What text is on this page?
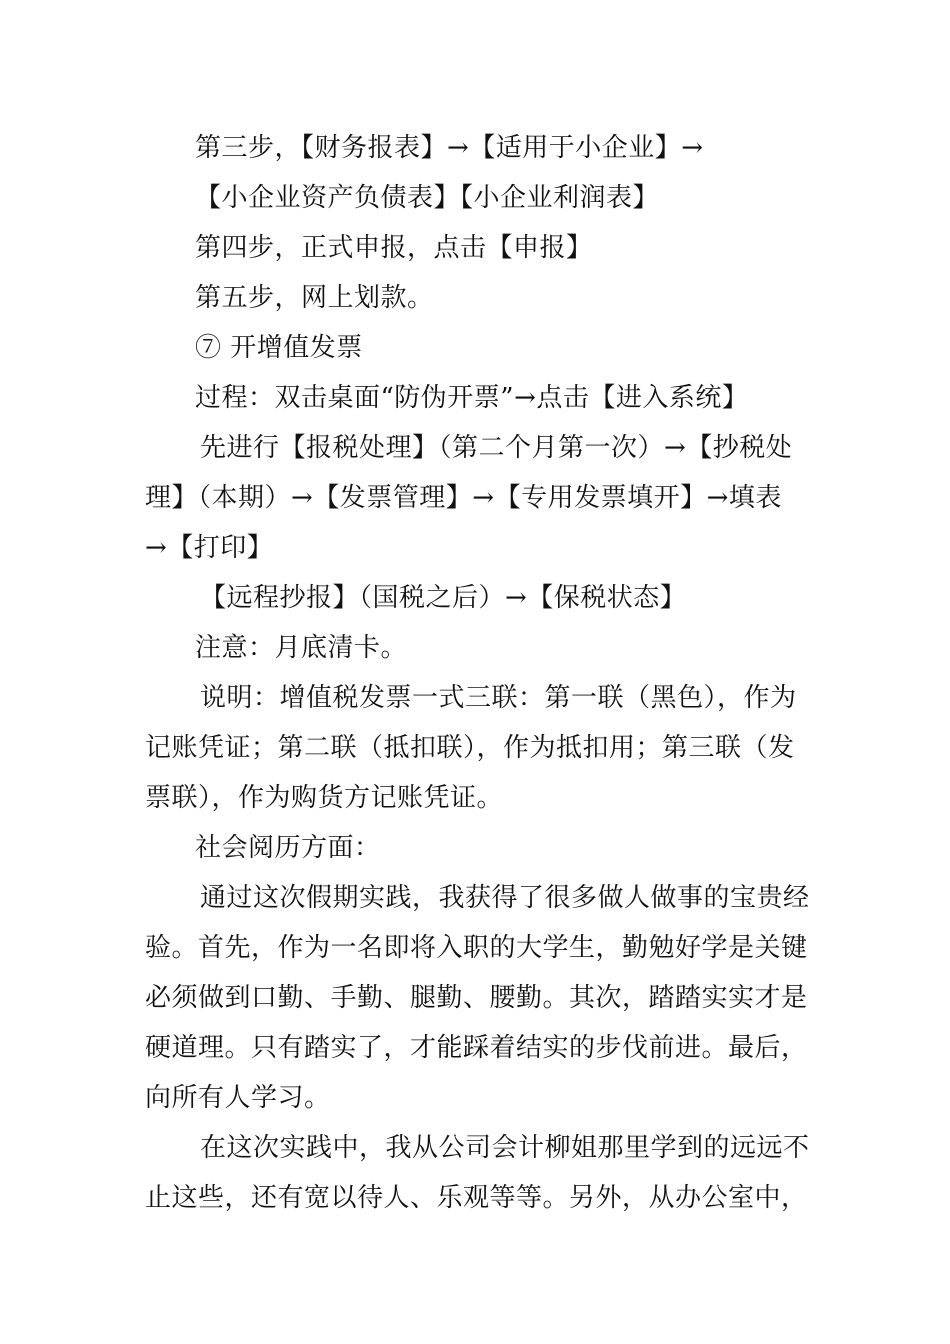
第三步，【财务报表】→【适用于小企业】→
【小企业资产负债表】【小企业利润表】
第四步，正式申报，点击【申报】
第五步，网上划款。
⑦ 开增值发票
过程：双击桌面“防伪开票”→点击【进入系统】
先进行【报税处理】（第二个月第一次）→【抄税处
理】（本期）→【发票管理】→【专用发票填开】→填表
→【打印】
【远程抄报】（国税之后）→【保税状态】
注意：月底清卡。
说明：增值税发票一式三联：第一联（黑色），作为
记账凭证；第二联（抵扣联），作为抵扣用；第三联（发
票联），作为购货方记账凭证。
社会阅历方面：
通过这次假期实践，我获得了很多做人做事的宝贵经
验。首先，作为一名即将入职的大学生，勤勉好学是关键
必须做到口勤、手勤、腿勤、腰勤。其次，踏踏实实才是
硬道理。只有踏实了，才能踩着结实的步伐前进。最后，
向所有人学习。
在这次实践中，我从公司会计柳姐那里学到的远远不
止这些，还有宽以待人、乐观等等。另外，从办公室中，
